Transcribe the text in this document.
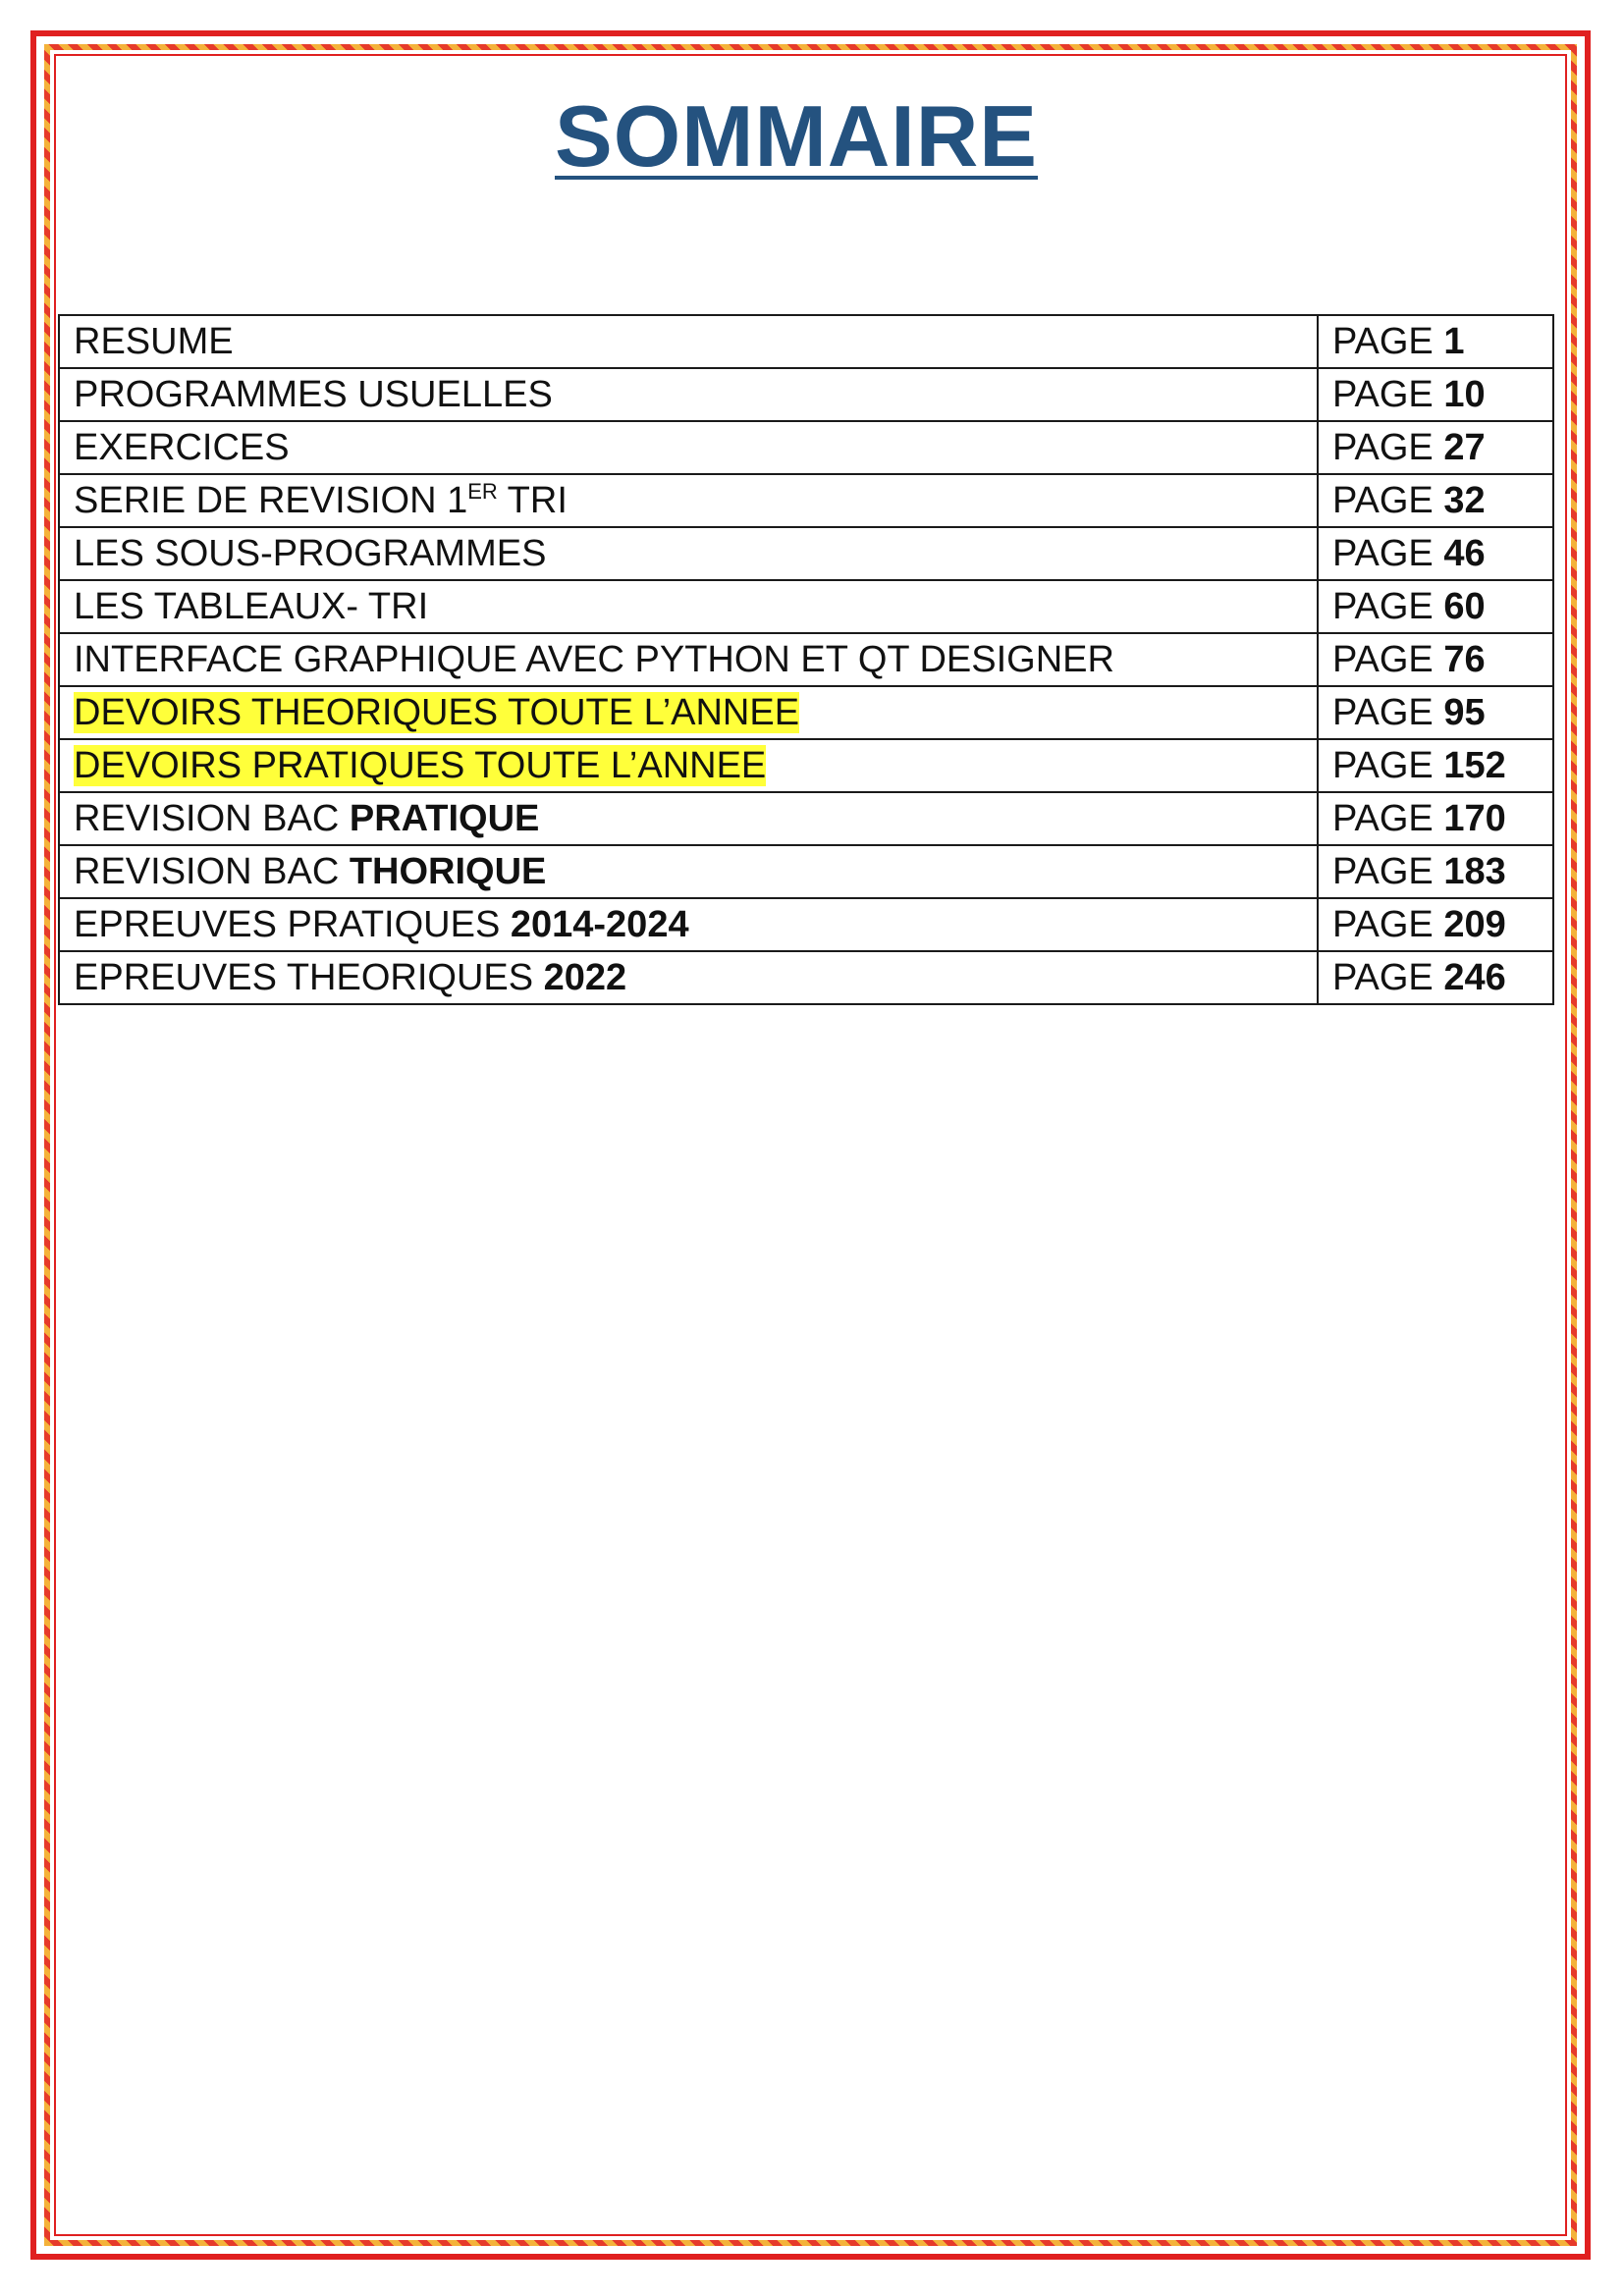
SOMMAIRE
RESUME	PAGE 1
PROGRAMMES USUELLES	PAGE 10
EXERCICES	PAGE 27
SERIE DE REVISION 1ER TRI	PAGE 32
LES SOUS-PROGRAMMES	PAGE 46
LES TABLEAUX- TRI	PAGE 60
INTERFACE GRAPHIQUE AVEC PYTHON ET QT DESIGNER	PAGE 76
DEVOIRS THEORIQUES TOUTE L’ANNEE	PAGE 95
DEVOIRS PRATIQUES TOUTE L’ANNEE	PAGE 152
REVISION BAC PRATIQUE	PAGE 170
REVISION BAC THORIQUE	PAGE 183
EPREUVES PRATIQUES 2014-2024	PAGE 209
EPREUVES THEORIQUES 2022	PAGE 246
